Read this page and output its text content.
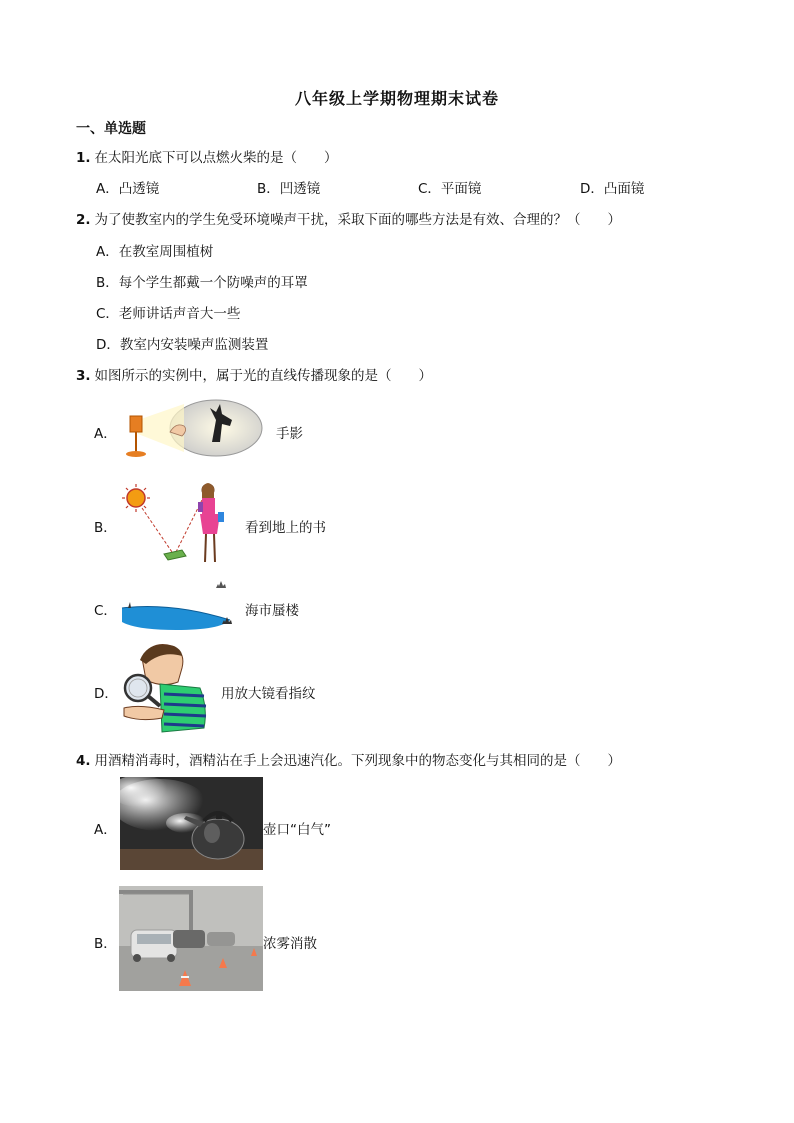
八年级上学期物理期末试卷
一、单选题
1. 在太阳光底下可以点燃火柴的是（　　）
A．凸透镜	B．凹透镜	C．平面镜	D．凸面镜
2. 为了使教室内的学生免受环境噪声干扰，采取下面的哪些方法是有效、合理的？（　　）
A．在教室周围植树
B．每个学生都戴一个防噪声的耳罩
C．老师讲话声音大一些
D．教室内安装噪声监测装置
3. 如图所示的实例中，属于光的直线传播现象的是（　　）
A．	手影
B．	看到地上的书
C．	海市蜃楼
D．	用放大镜看指纹
4. 用酒精消毒时，酒精沾在手上会迅速汽化。下列现象中的物态变化与其相同的是（　　）
A．	壶口“白气”
B．	浓雾消散
